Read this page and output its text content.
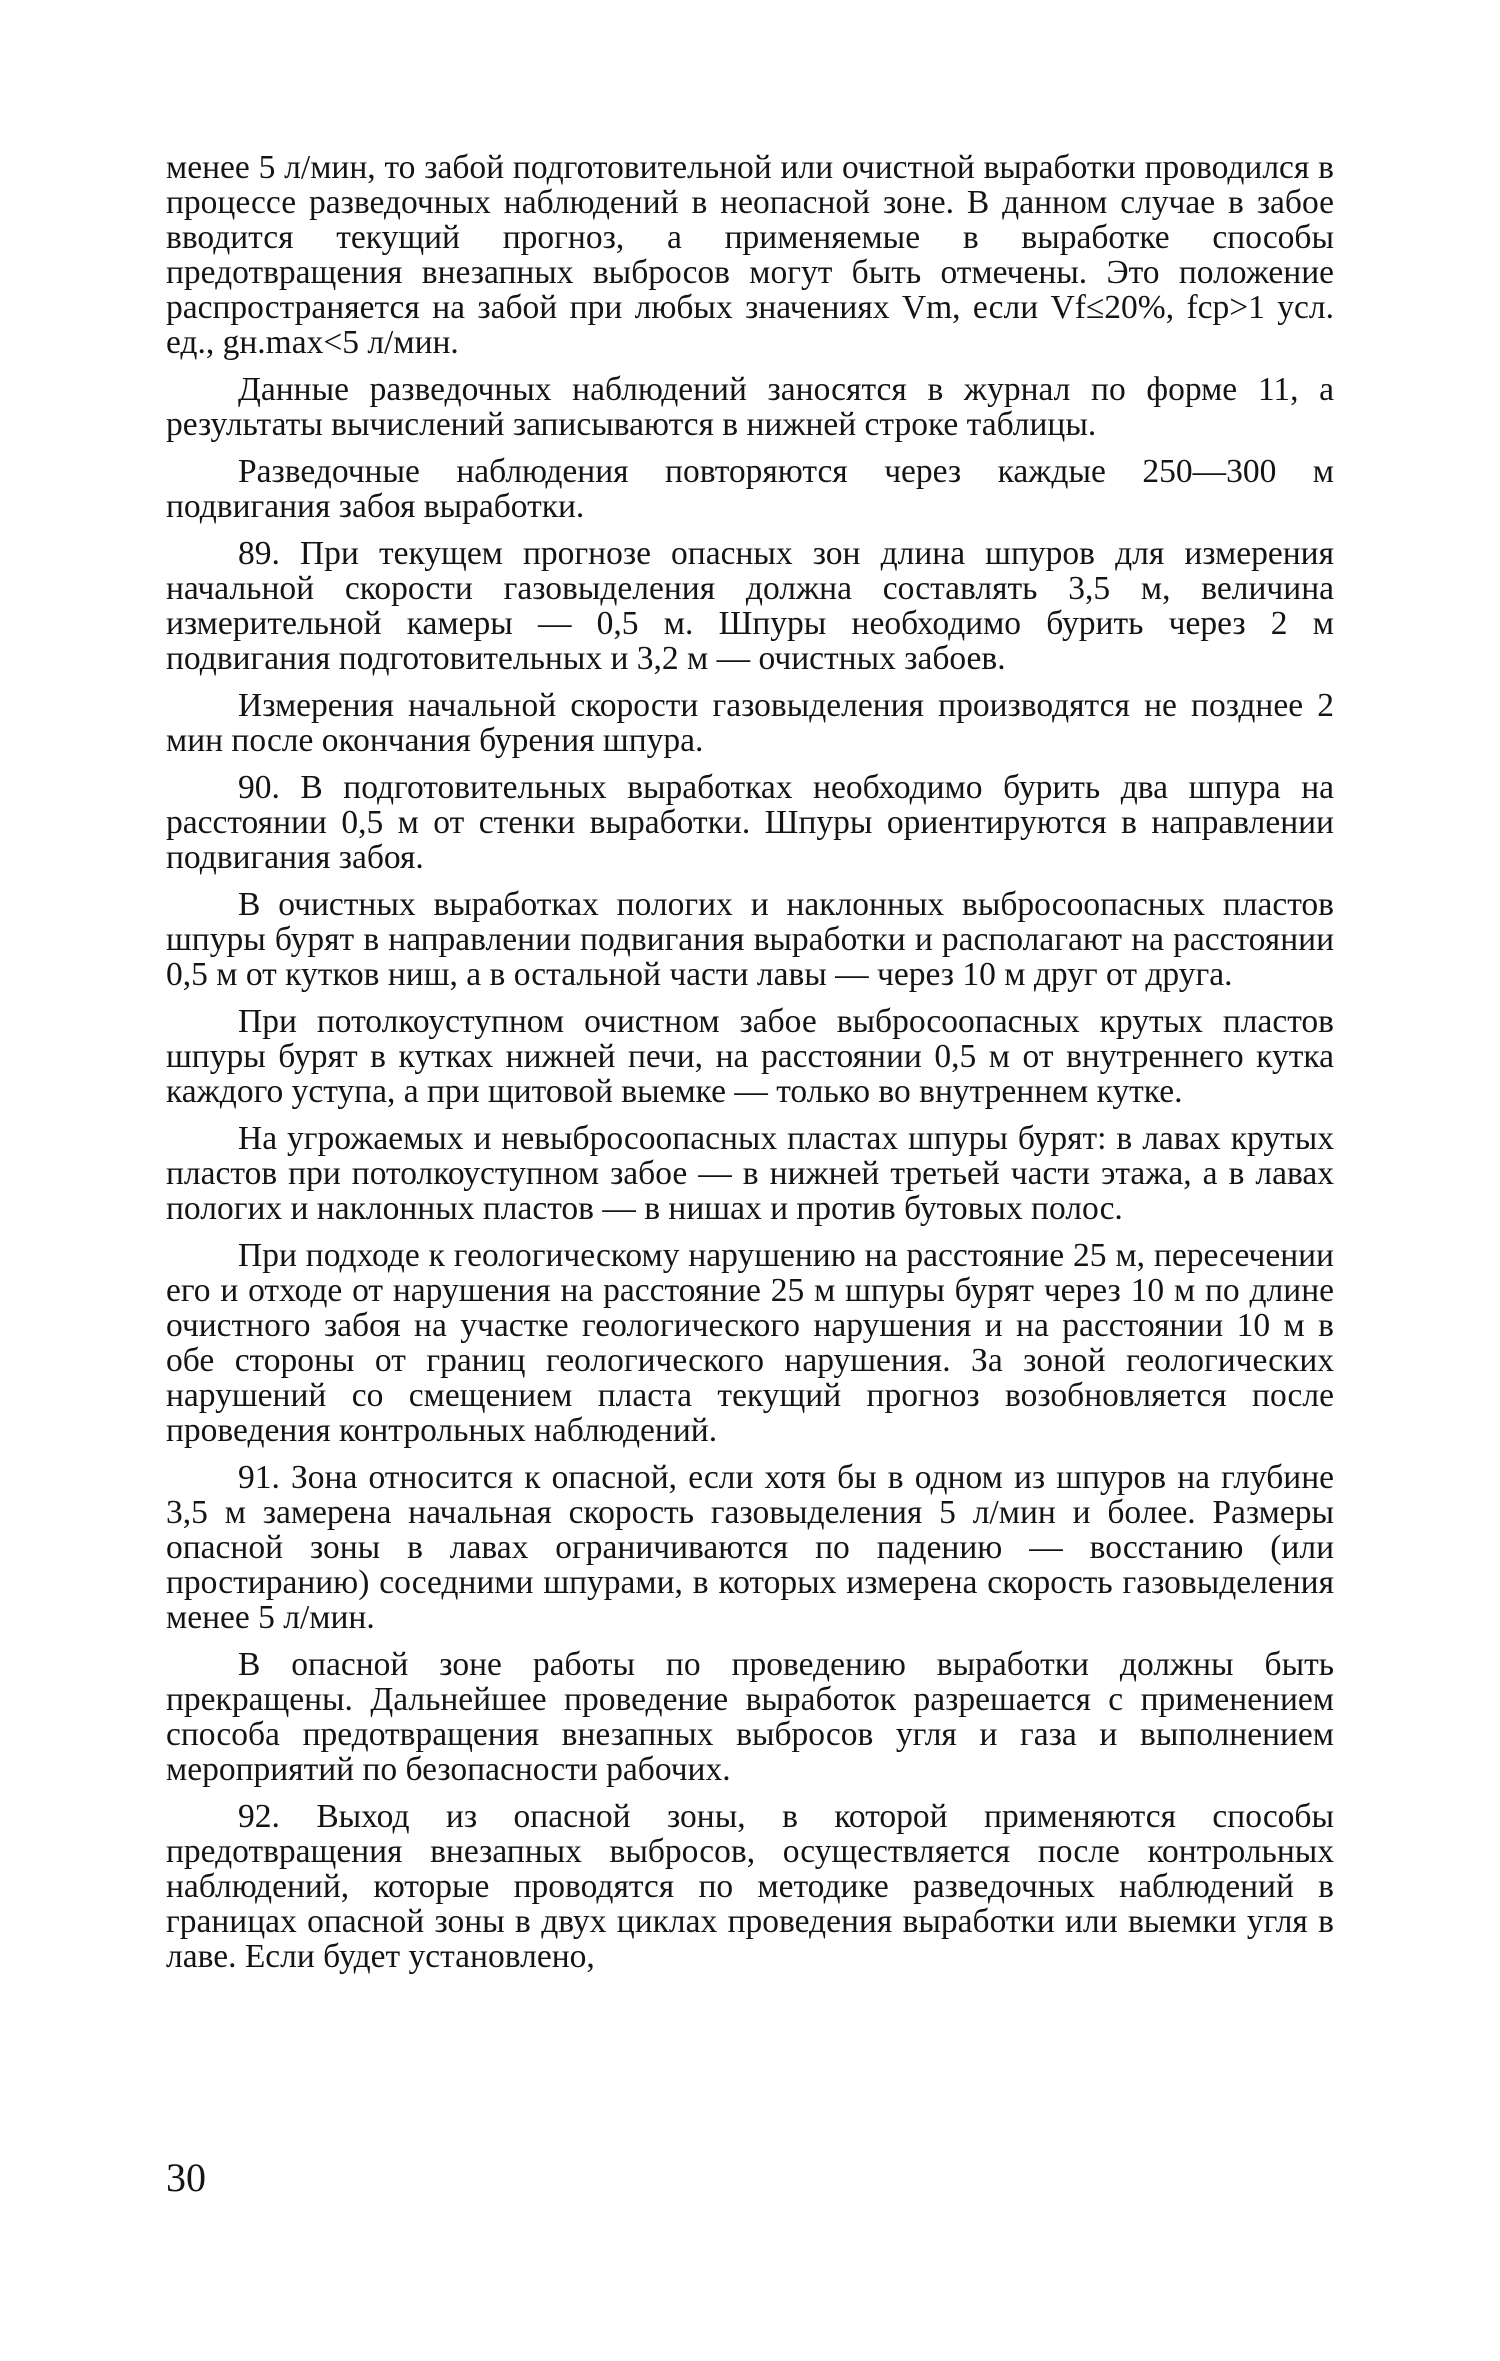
менее 5 л/мин, то забой подготовительной или очистной выработки проводился в процессе разведочных наблюдений в неопасной зоне. В данном случае в забое вводится текущий прогноз, а применяемые в выработке способы предотвращения внезапных выбросов могут быть отмечены. Это положение распространяется на забой при любых значениях Vm, если Vf≤20%, fср>1 усл. ед., gн.max<5 л/мин.

Данные разведочных наблюдений заносятся в журнал по форме 11, а результаты вычислений записываются в нижней строке таблицы.

Разведочные наблюдения повторяются через каждые 250—300 м подвигания забоя выработки.

89. При текущем прогнозе опасных зон длина шпуров для измерения начальной скорости газовыделения должна составлять 3,5 м, величина измерительной камеры — 0,5 м. Шпуры необходимо бурить через 2 м подвигания подготовительных и 3,2 м — очистных забоев.

Измерения начальной скорости газовыделения производятся не позднее 2 мин после окончания бурения шпура.

90. В подготовительных выработках необходимо бурить два шпура на расстоянии 0,5 м от стенки выработки. Шпуры ориентируются в направлении подвигания забоя.

В очистных выработках пологих и наклонных выбросоопасных пластов шпуры бурят в направлении подвигания выработки и располагают на расстоянии 0,5 м от кутков ниш, а в остальной части лавы — через 10 м друг от друга.

При потолкоуступном очистном забое выбросоопасных крутых пластов шпуры бурят в кутках нижней печи, на расстоянии 0,5 м от внутреннего кутка каждого уступа, а при щитовой выемке — только во внутреннем кутке.

На угрожаемых и невыбросоопасных пластах шпуры бурят: в лавах крутых пластов при потолкоуступном забое — в нижней третьей части этажа, а в лавах пологих и наклонных пластов — в нишах и против бутовых полос.

При подходе к геологическому нарушению на расстояние 25 м, пересечении его и отходе от нарушения на расстояние 25 м шпуры бурят через 10 м по длине очистного забоя на участке геологического нарушения и на расстоянии 10 м в обе стороны от границ геологического нарушения. За зоной геологических нарушений со смещением пласта текущий прогноз возобновляется после проведения контрольных наблюдений.

91. Зона относится к опасной, если хотя бы в одном из шпуров на глубине 3,5 м замерена начальная скорость газовыделения 5 л/мин и более. Размеры опасной зоны в лавах ограничиваются по падению — восстанию (или простиранию) соседними шпурами, в которых измерена скорость газовыделения менее 5 л/мин.

В опасной зоне работы по проведению выработки должны быть прекращены. Дальнейшее проведение выработок разрешается с применением способа предотвращения внезапных выбросов угля и газа и выполнением мероприятий по безопасности рабочих.

92. Выход из опасной зоны, в которой применяются способы предотвращения внезапных выбросов, осуществляется после контрольных наблюдений, которые проводятся по методике разведочных наблюдений в границах опасной зоны в двух циклах проведения выработки или выемки угля в лаве. Если будет установлено,

30
